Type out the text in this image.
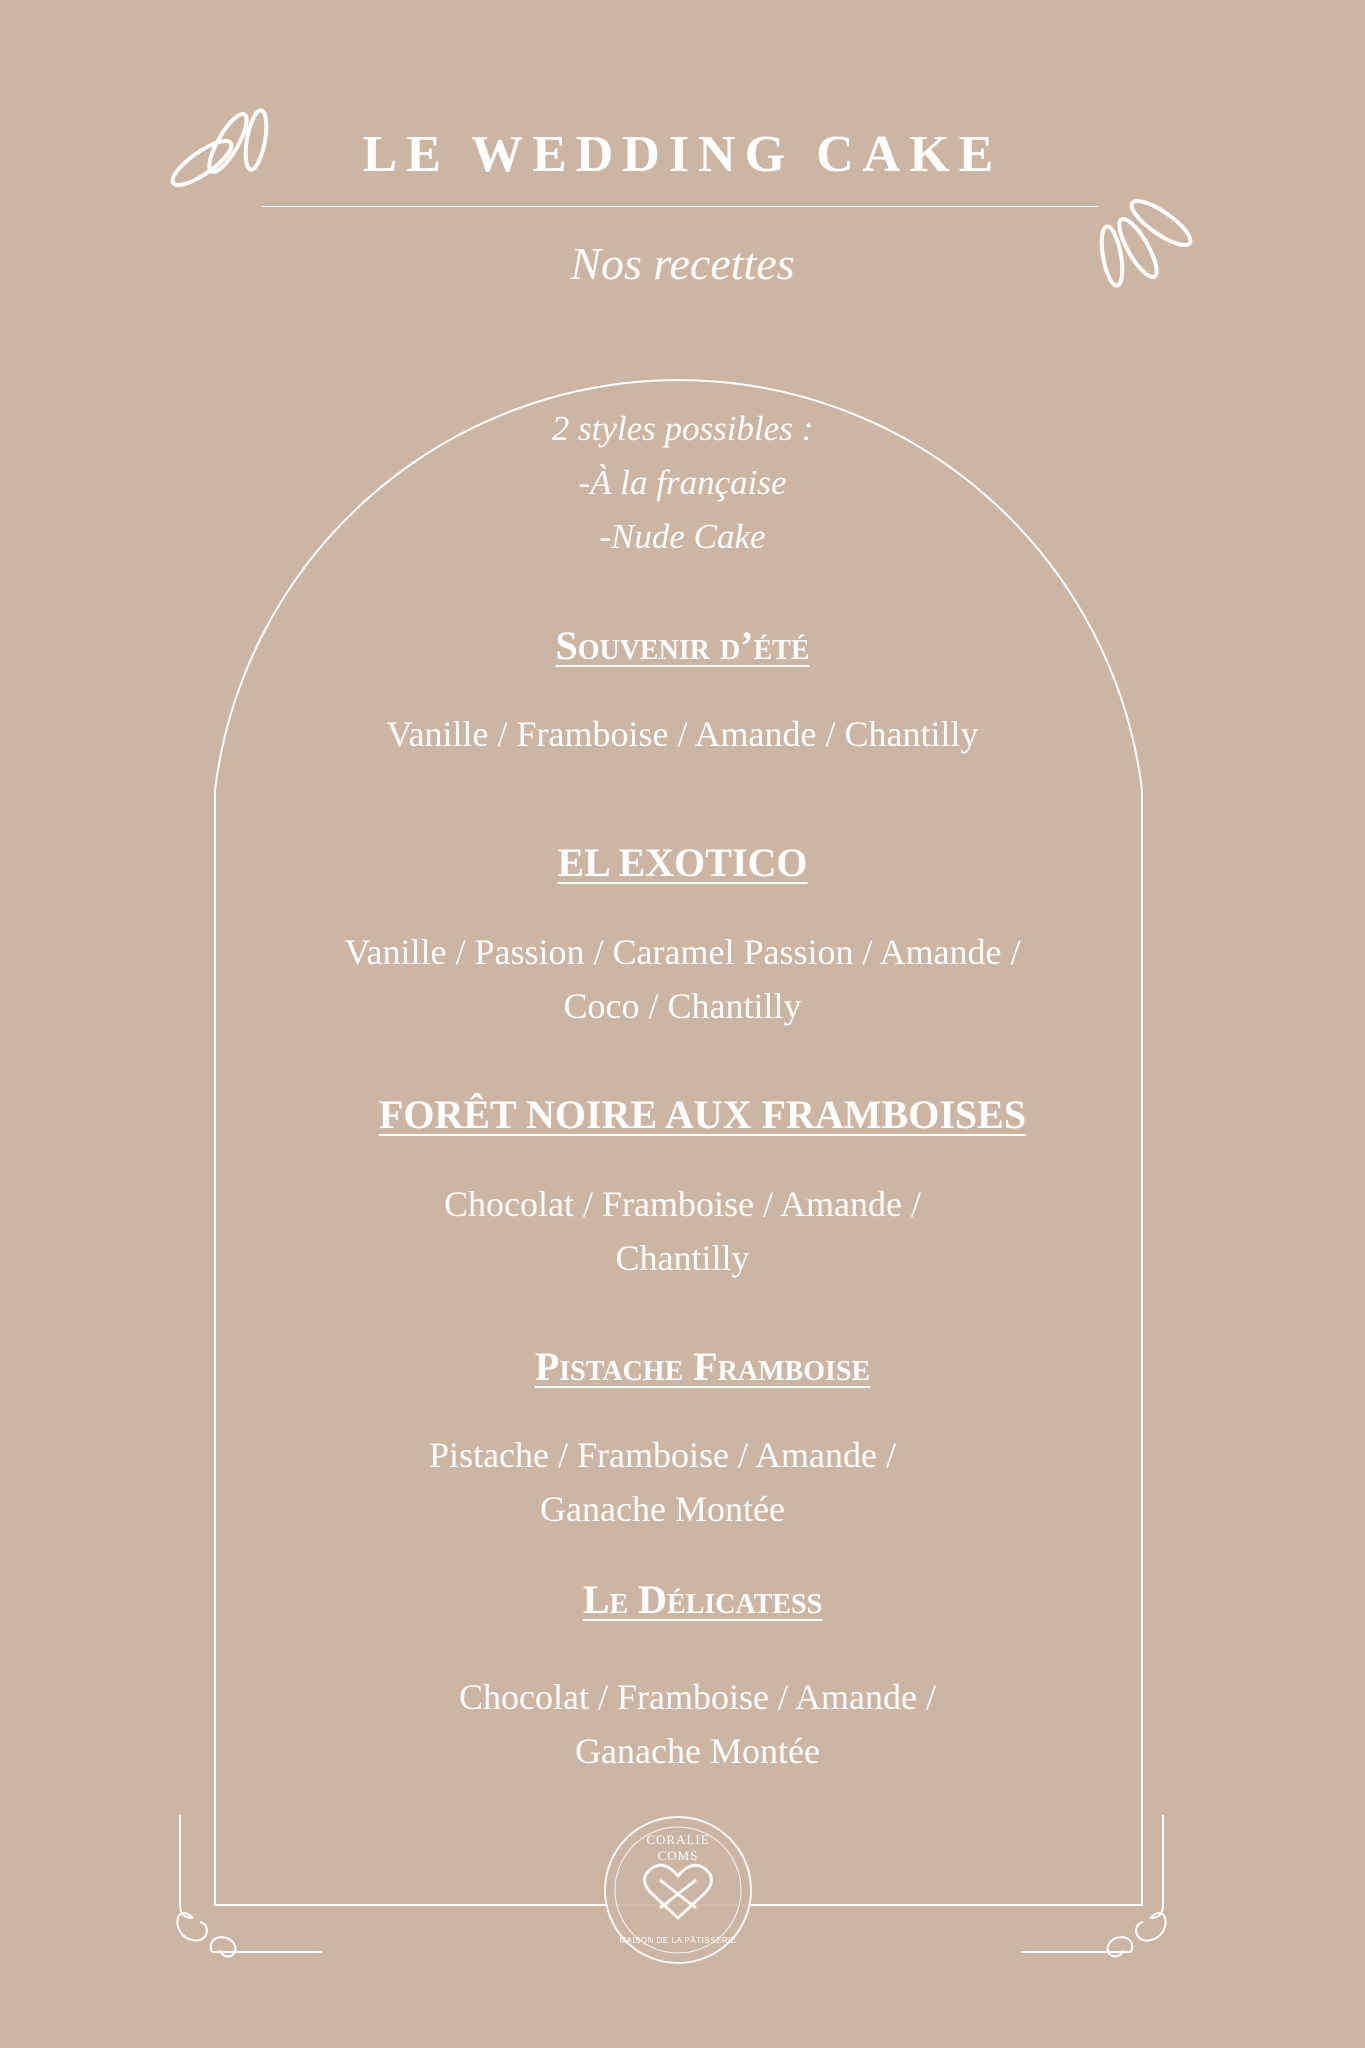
LE WEDDING CAKE
Nos recettes
2 styles possibles :
-À la française
-Nude Cake
Souvenir d’été
Vanille / Framboise / Amande / Chantilly
EL EXOTICO
Vanille / Passion / Caramel Passion / Amande /
Coco / Chantilly
FORÊT NOIRE AUX FRAMBOISES
Chocolat / Framboise / Amande /
Chantilly
Pistache Framboise
Pistache / Framboise / Amande /
Ganache Montée
Le Délicatess
Chocolat / Framboise / Amande /
Ganache Montée
CORALIE COMS
MAISON DE LA PÂTISSERIE
